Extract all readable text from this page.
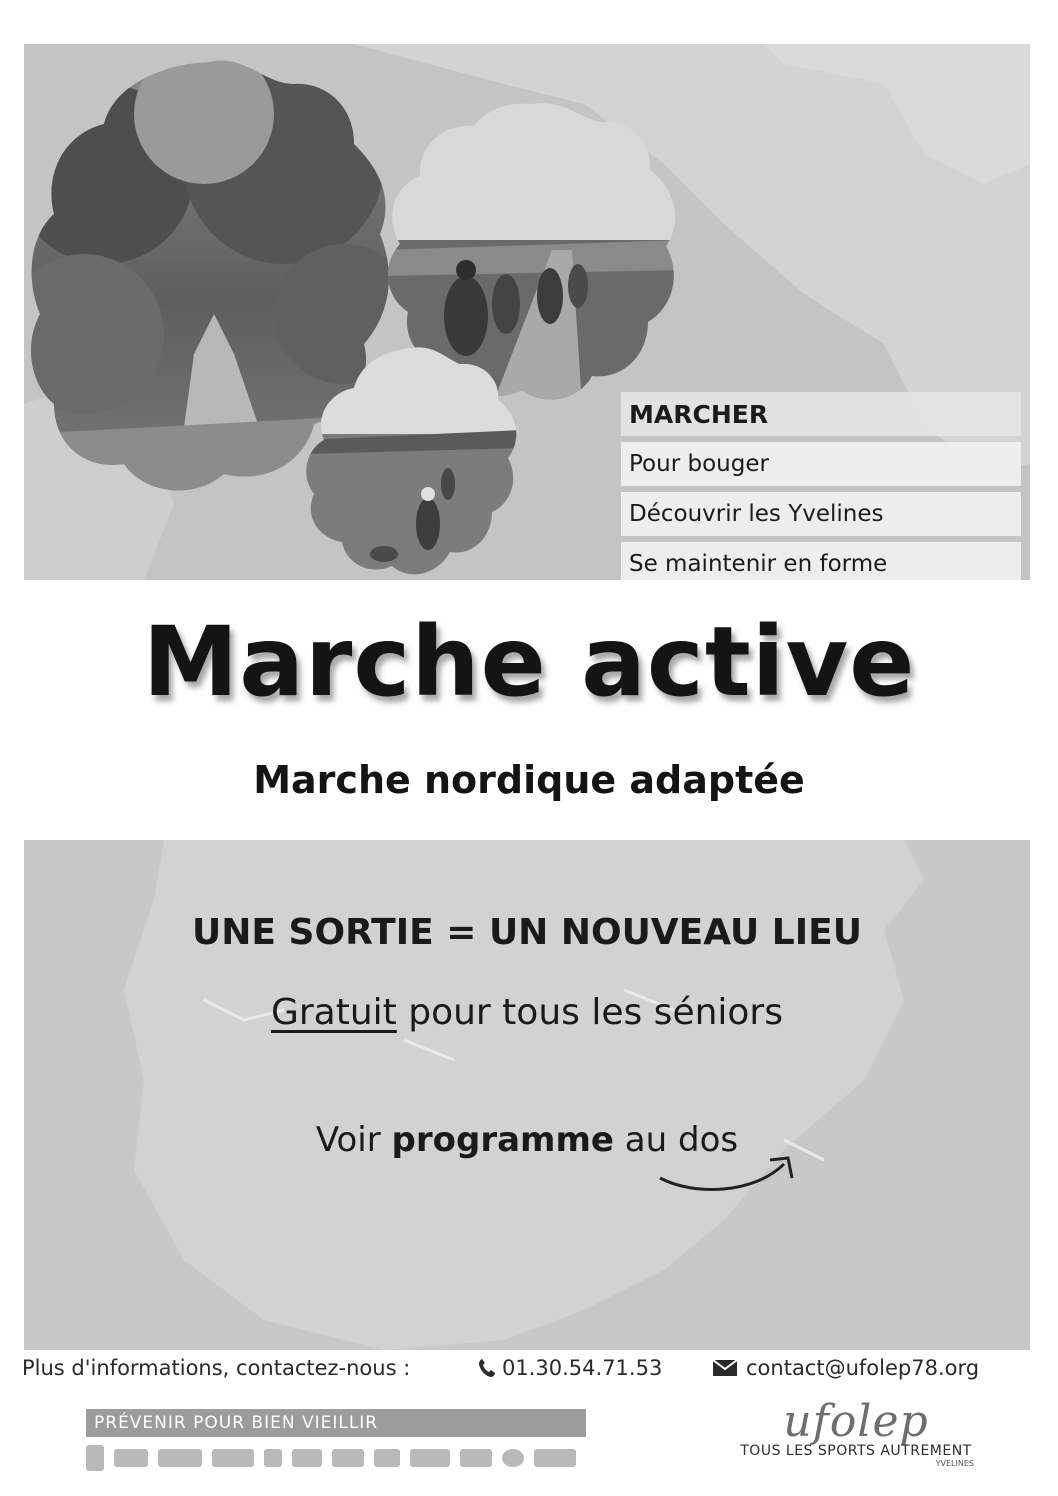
MARCHER
Pour bouger
Découvrir les Yvelines
Se maintenir en forme
Marche active
Marche nordique adaptée
UNE SORTIE = UN NOUVEAU LIEU
Gratuit pour tous les séniors
Voir programme au dos
Plus d'informations, contactez-nous :	01.30.54.71.53	contact@ufolep78.org
PRÉVENIR POUR BIEN VIEILLIR	ufolep
TOUS LES SPORTS AUTREMENT
YVELINES
